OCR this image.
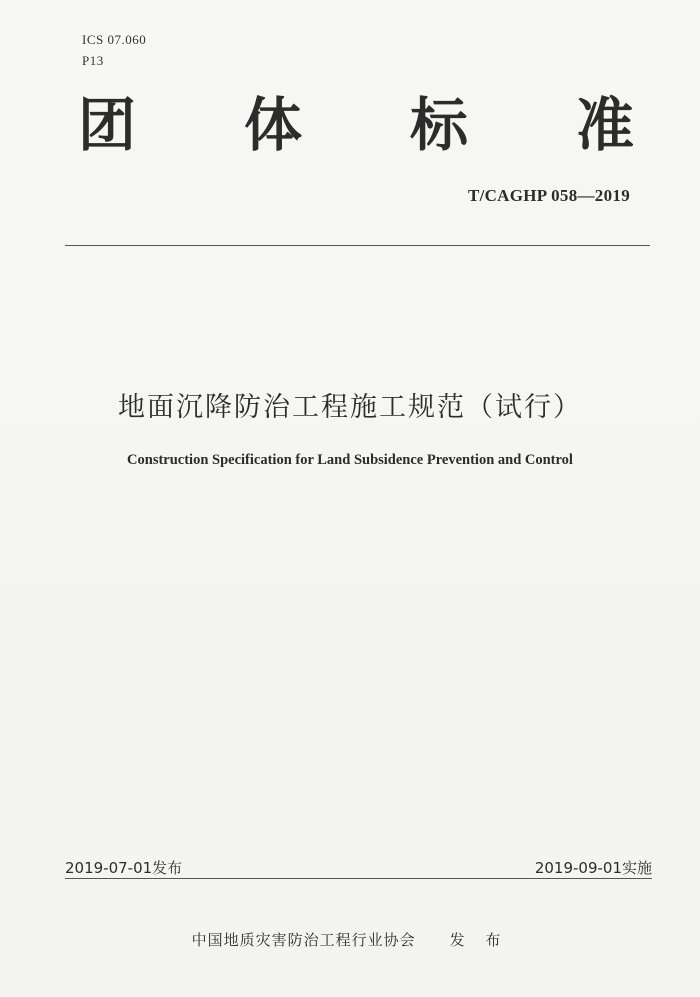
ICS 07.060
P13
团 体 标 准
T/CAGHP 058—2019
地面沉降防治工程施工规范（试行）
Construction Specification for Land Subsidence Prevention and Control
2019-07-01发布	2019-09-01实施
中国地质灾害防治工程行业协会 发 布
